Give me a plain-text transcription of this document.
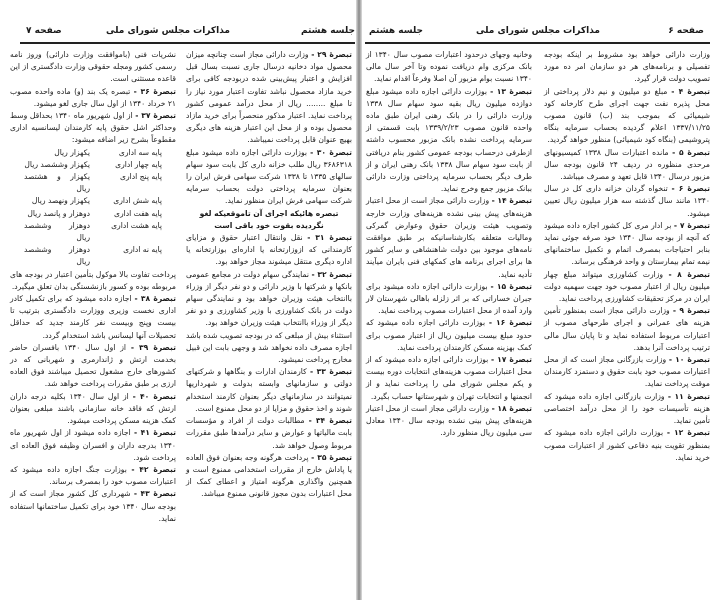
جلسه هشتم
مذاکرات مجلس شورای ملی
صفحه ۷

تبصرهٔ ۲۹ - وزارت دارائی مجاز است چنانچه میزان محصول مواد دخانیه درسال جاری نسبت بسال قبل افزایش و اعتبار پیش‌بینی شده دربودجه کافی برای خرید مازاد محصول نباشد تفاوت اعتبار مورد نیاز را تا مبلغ ........ ریال از محل درآمد عمومی کشور پرداخت نماید. اعتبار مذکور منحصراً برای خرید مازاد محصول بوده و از محل این اعتبار هزینه های دیگری بهیچ عنوان قابل پرداخت نمیباشد.

تبصرهٔ ۳۰ - بوزارت دارائی اجازه داده میشود مبلغ ۳۶۸۶۳۱۸ ریال طلب خزانه داری کل بابت سود سهام سالهای ۱۳۳۵ تا ۱۳۳۸ شرکت سهامی فرش ایران را بعنوان سرمایه پرداختی دولت بحساب سرمایه شرکت سهامی فرش ایران منظور نماید.

تبصره هائیکه اجرای آن تاموقعیکه لغو نگردیده بقوت خود باقی است

تبصرهٔ ۳۱ - نقل وانتقال اعتبار حقوق و مزایای کارمندانی که ازوزارتخانه یا اداره‌ای بوزارتخانه یا اداره دیگری منتقل میشوند مجاز خواهد بود.

تبصرهٔ ۳۲ - نمایندگی سهام دولت در مجامع عمومی بانکها و شرکتها با وزیر دارائی و دو نفر دیگر از وزراء باانتخاب هیئت وزیران خواهد بود و نمایندگی سهام دولت در بانک کشاورزی با وزیر کشاورزی و دو نفر دیگر از وزراء باانتخاب هیئت وزیران خواهد بود.

استثناء بیش از مبلغی که در بودجه تصویب شده باشد اجازه مصرف داده نخواهد شد و وجهی بابت این قبیل مخارج پرداخت نمیشود.

تبصرهٔ ۳۳ - کارمندان ادارات و بنگاهها و شرکتهای دولتی و سازمانهای وابسته بدولت و شهرداریها نمیتوانند در سازمانهای دیگر بعنوان کارمند استخدام شوند و اخذ حقوق و مزایا از دو محل ممنوع است.

تبصرهٔ ۳۴ - مطالبات دولت از افراد و مؤسسات بابت مالیاتها و عوارض و سایر درآمدها طبق مقررات مربوط وصول خواهد شد.

تبصرهٔ ۳۵ - پرداخت هرگونه وجه بعنوان فوق العاده یا پاداش خارج از مقررات استخدامی ممنوع است و همچنین واگذاری هرگونه امتیاز و اعطای کمک از محل اعتبارات بدون مجوز قانونی ممنوع میباشد.

نشریات فنی (باموافقت وزارت دارائی) وروز نامه رسمی کشور ومجله حقوقی وزارت دادگستری از این قاعده مستثنی است.

تبصرهٔ ۳۶ - تبصره یک بند (و) ماده واحده مصوب ۲۱ خرداد ۱۳۴۰ از اول سال جاری لغو میشود.

تبصرهٔ ۳۷ - از اول شهریور ماه ۱۳۴۰ بحداقل وسط وحداکثر اشل حقوق پایه کارمندان لیسانسیه اداری مقطوعاً بشرح زیر اضافه میشود:

پایه سه اداری
یکهزار ریال
پایه چهار اداری
یکهزار وششصد ریال
پایه پنج اداری
یکهزار و هشتصد ریال
پایه شش اداری
یکهزار ونهصد ریال
پایه هفت اداری
دوهزار و پانصد ریال
پایه هشت اداری
دوهزار وششصد ریال
پایه نه اداری
دوهزار وششصد ریال

پرداخت تفاوت بالا موکول بتأمین اعتبار در بودجه های مربوطه بوده و کسور بازنشستگی بدان تعلق میگیرد.

تبصرهٔ ۳۸ - اجازه داده میشود که برای تکمیل کادر اداری نخست وزیری ووزارت دادگستری بترتیب تا بیست وپنج وبیست نفر کارمند جدید که حداقل تحصیلات آنها لیسانس باشد استخدام گردد.

تبصرهٔ ۳۹ - از اول سال ۱۳۴۰ بافسران حاضر بخدمت ارتش و ژاندارمری و شهربانی که در کشورهای خارج مشغول تحصیل میباشند فوق العاده ارزی بر طبق مقررات پرداخت خواهد شد.

تبصرهٔ ۴۰ - از اول سال ۱۳۴۰ بکلیه درجه داران ارتش که فاقد خانه سازمانی باشند مبلغی بعنوان کمک هزینه مسکن پرداخت میشود.

تبصرهٔ ۴۱ - اجازه داده میشود از اول شهریور ماه ۱۳۴۰ بدرجه داران و افسران وظیفه فوق العاده ای پرداخت شود.

تبصرهٔ ۴۲ - بوزارت جنگ اجازه داده میشود که اعتبارات مصوب خود را بمصرف برساند.

تبصرهٔ ۴۳ - شهرداری کل کشور مجاز است که از بودجه سال ۱۳۴۰ خود برای تکمیل ساختمانها استفاده نماید.

جلسه هشتم	مذاکرات مجلس شورای ملی	صفحه ۶

وزارت دارائی خواهد بود مشروط بر اینکه بودجه تفصیلی و برنامه‌های هر دو سازمان امر ده مورد تصویب دولت قرار گیرد.

تبصرهٔ ۴ - مبلغ دو میلیون و نیم دلار پرداختی از محل پذیره نفت جهت اجرای طرح کارخانه کود شیمیائی که بموجب بند (ب) قانون مصوب ۱۳۳۷/۱۱/۲۵ اعلام گردیده بحساب سرمایه بنگاه پتروشیمی (بنگاه کود شیمیائی) منظور خواهد گردید.

تبصرهٔ ۵ - مانده اعتبارات سال ۱۳۳۸ کمیسیونهای مرحدی منظوره در ردیف ۲۴ قانون بودجه سال مزبور درسال ۱۳۴۰ قابل تعهد و مصرف میباشد.

تبصرهٔ ۶ - تنخواه گردان خزانه داری کل در سال ۱۳۴۰ مانند سال گذشته سه هزار میلیون ریال تعیین میشود.

تبصرهٔ ۷ - بر ادار مری کل کشور اجازه داده میشود که آنچه از بودجه سال ۱۳۴۰ خود صرفه جوئی نماید بنابر احتیاجات بمصرف اتمام و تکمیل ساختمانهای نیمه تمام بیمارستان و واحد فرهنگی برساند.

تبصرهٔ ۸ - وزارت کشاورزی میتواند مبلغ چهار میلیون ریال از اعتبار مصوب خود جهت سهمیه دولت ایران در مرکز تحقیقات کشاورزی پرداخت نماید.

تبصرهٔ ۹ - وزارت دارائی مجاز است بمنظور تأمین هزینه های عمرانی و اجرای طرحهای مصوب از اعتبارات مربوط استفاده نماید و تا پایان سال مالی ترتیب پرداخت آنرا بدهد.

تبصرهٔ ۱۰ - وزارت بازرگانی مجاز است که از محل اعتبارات مصوب خود بابت حقوق و دستمزد کارمندان موقت پرداخت نماید.

تبصرهٔ ۱۱ - وزارت بازرگانی اجازه داده میشود که هزینه تأسیسات خود را از محل درآمد اختصاصی تأمین نماید.

تبصرهٔ ۱۲ - بوزارت دارائی اجازه داده میشود که بمنظور تقویت بنیه دفاعی کشور از اعتبارات مصوب خرید نماید.

وخانیه وجهای درحدود اعتبارات مصوب سال ۱۳۴۰ از بانک مرکزی وام دریافت نموده وتا آخر سال مالی ۱۳۴۰ نسبت بوام مزبور آن اصلا وفرعاً اقدام نماید.

تبصرهٔ ۱۳ - بوزارت دارائی اجازه داده میشود مبلغ دوازده میلیون ریال بقیه سود سهام سال ۱۳۳۸ وزارت دارائی را در بانک رهنی ایران طبق ماده واحده قانون مصوب ۱۳۳۹/۲/۲۳ بابت قسمتی از سرمایه پرداخت نشده بانک مزبور محسوب داشته ازطرفی درحساب بودجه عمومی کشور بنام دریافتی از بابت سود سهام سال ۱۳۳۸ بانک رهنی ایران و از طرف دیگر بحساب سرمایه پرداختی وزارت دارائی ببانک مزبور جمع وخرج نماید.

تبصرهٔ ۱۴ - وزارت دارائی مجاز است از محل اعتبار هزینه‌های پیش بینی نشده هزینه‌های وزارت خارجه وتصویب هیئت وزیران حقوق وعوارض گمرکی ومالیات متعلقه بکارشناسانیکه بر طبق موافقت نامه‌های موجود بین دولت شاهنشاهی و سایر کشور ها برای اجرای برنامه های کمکهای فنی بایران میآیند تأدیه نماید.

تبصرهٔ ۱۵ - بوزارت دارائی اجازه داده میشود برای جبران خساراتی که بر اثر زلزله باهالی شهرستان لار وارد آمده از محل اعتبارات مصوب پرداخت نماید.

تبصرهٔ ۱۶ - بوزارت دارائی اجازه داده میشود که حدود مبلغ بیست میلیون ریال از اعتبار مصوب برای کمک بهزینه مسکن کارمندان پرداخت نماید.

تبصرهٔ ۱۷ - بوزارت دارائی اجازه داده میشود که از محل اعتبارات مصوب هزینه‌های انتخابات دوره بیست و یکم مجلس شورای ملی را پرداخت نماید و از انجمنها و انتخابات تهران و شهرستانها حساب بگیرد.

تبصرهٔ ۱۸ - وزارت دارائی مجاز است از محل اعتبار هزینه‌های پیش بینی نشده بودجه سال ۱۳۴۰ معادل سی میلیون ریال منظور دارد.
